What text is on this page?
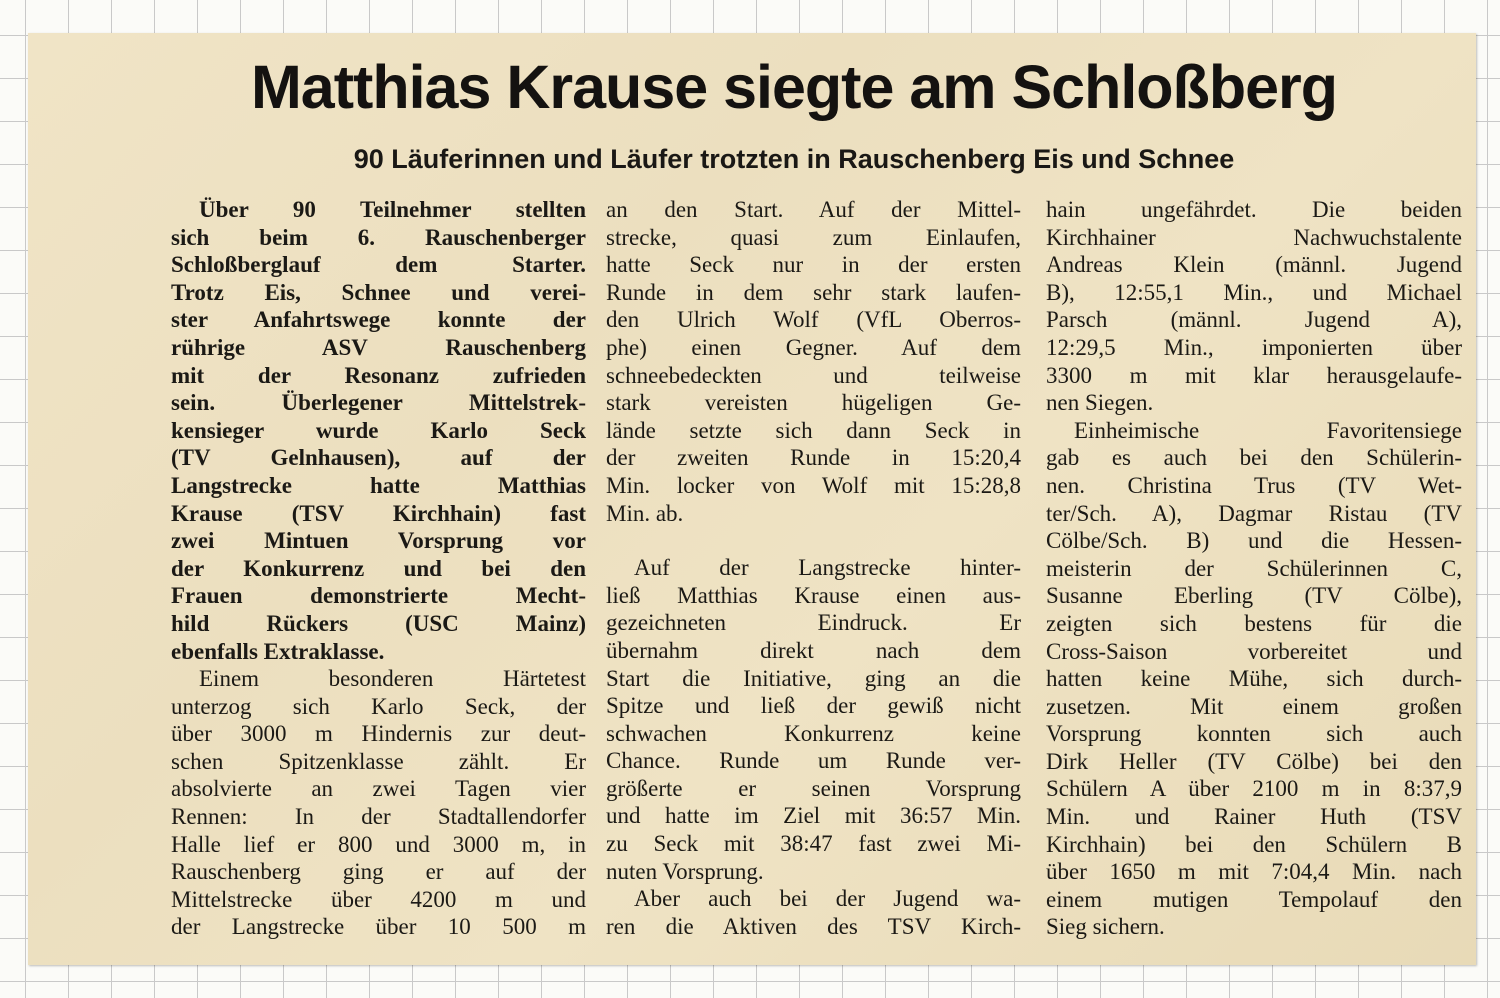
Matthias Krause siegte am Schloßberg
90 Läuferinnen und Läufer trotzten in Rauschenberg Eis und Schnee

Über 90 Teilnehmer stellten

sich beim 6. Rauschenberger

Schloßberglauf dem Starter.

Trotz Eis, Schnee und verei-

ster Anfahrtswege konnte der

rührige ASV Rauschenberg

mit der Resonanz zufrieden

sein. Überlegener Mittelstrek-

kensieger wurde Karlo Seck

(TV Gelnhausen), auf der

Langstrecke hatte Matthias

Krause (TSV Kirchhain) fast

zwei Mintuen Vorsprung vor

der Konkurrenz und bei den

Frauen demonstrierte Mecht-

hild Rückers (USC Mainz)

ebenfalls Extraklasse.

Einem besonderen Härtetest

unterzog sich Karlo Seck, der

über 3000 m Hindernis zur deut-

schen Spitzenklasse zählt. Er

absolvierte an zwei Tagen vier

Rennen: In der Stadtallendorfer

Halle lief er 800 und 3000 m, in

Rauschenberg ging er auf der

Mittelstrecke über 4200 m und

der Langstrecke über 10 500 m

an den Start. Auf der Mittel-

strecke, quasi zum Einlaufen,

hatte Seck nur in der ersten

Runde in dem sehr stark laufen-

den Ulrich Wolf (VfL Oberros-

phe) einen Gegner. Auf dem

schneebedeckten und teilweise

stark vereisten hügeligen Ge-

lände setzte sich dann Seck in

der zweiten Runde in 15:20,4

Min. locker von Wolf mit 15:28,8

Min. ab.

Auf der Langstrecke hinter-

ließ Matthias Krause einen aus-

gezeichneten Eindruck. Er

übernahm direkt nach dem

Start die Initiative, ging an die

Spitze und ließ der gewiß nicht

schwachen Konkurrenz keine

Chance. Runde um Runde ver-

größerte er seinen Vorsprung

und hatte im Ziel mit 36:57 Min.

zu Seck mit 38:47 fast zwei Mi-

nuten Vorsprung.

Aber auch bei der Jugend wa-

ren die Aktiven des TSV Kirch-

hain ungefährdet. Die beiden

Kirchhainer Nachwuchstalente

Andreas Klein (männl. Jugend

B), 12:55,1 Min., und Michael

Parsch (männl. Jugend A),

12:29,5 Min., imponierten über

3300 m mit klar herausgelaufe-

nen Siegen.

Einheimische Favoritensiege

gab es auch bei den Schülerin-

nen. Christina Trus (TV Wet-

ter/Sch. A), Dagmar Ristau (TV

Cölbe/Sch. B) und die Hessen-

meisterin der Schülerinnen C,

Susanne Eberling (TV Cölbe),

zeigten sich bestens für die

Cross-Saison vorbereitet und

hatten keine Mühe, sich durch-

zusetzen. Mit einem großen

Vorsprung konnten sich auch

Dirk Heller (TV Cölbe) bei den

Schülern A über 2100 m in 8:37,9

Min. und Rainer Huth (TSV

Kirchhain) bei den Schülern B

über 1650 m mit 7:04,4 Min. nach

einem mutigen Tempolauf den

Sieg sichern.
